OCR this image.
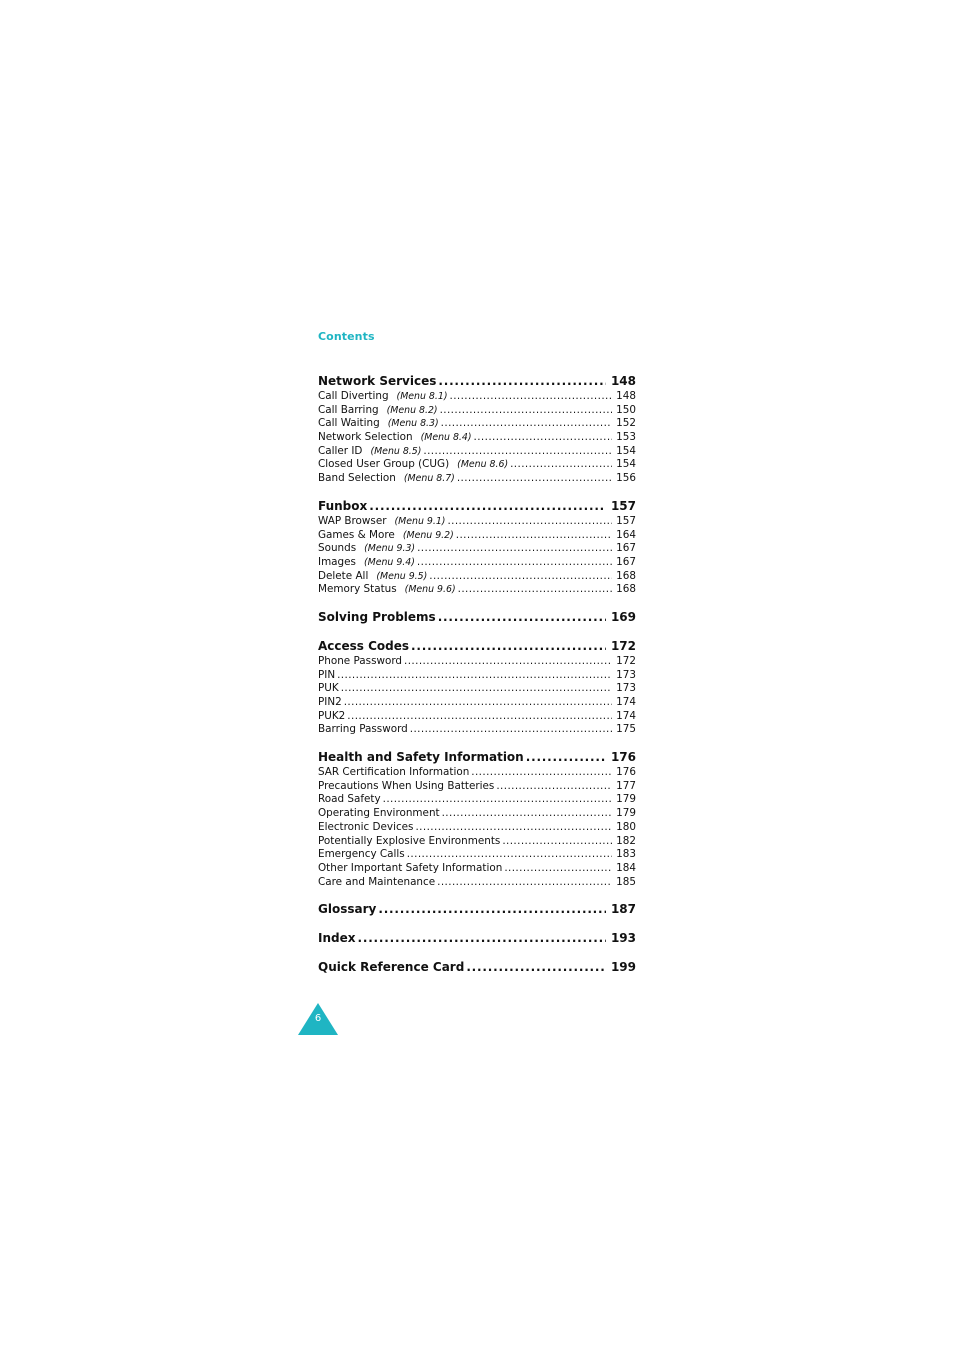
Contents
Network Services .....	148
Call Diverting (Menu 8.1) .....	148
Call Barring (Menu 8.2) .....	150
Call Waiting (Menu 8.3) .....	152
Network Selection (Menu 8.4) .....	153
Caller ID (Menu 8.5) .....	154
Closed User Group (CUG) (Menu 8.6) .....	154
Band Selection (Menu 8.7) .....	156
Funbox .....	157
WAP Browser (Menu 9.1) .....	157
Games & More (Menu 9.2) .....	164
Sounds (Menu 9.3) .....	167
Images (Menu 9.4) .....	167
Delete All (Menu 9.5) .....	168
Memory Status (Menu 9.6) .....	168
Solving Problems .....	169
Access Codes .....	172
Phone Password .....	172
PIN .....	173
PUK .....	173
PIN2 .....	174
PUK2 .....	174
Barring Password .....	175
Health and Safety Information .....	176
SAR Certification Information .....	176
Precautions When Using Batteries .....	177
Road Safety .....	179
Operating Environment .....	179
Electronic Devices .....	180
Potentially Explosive Environments .....	182
Emergency Calls .....	183
Other Important Safety Information .....	184
Care and Maintenance .....	185
Glossary .....	187
Index .....	193
Quick Reference Card .....	199
6
